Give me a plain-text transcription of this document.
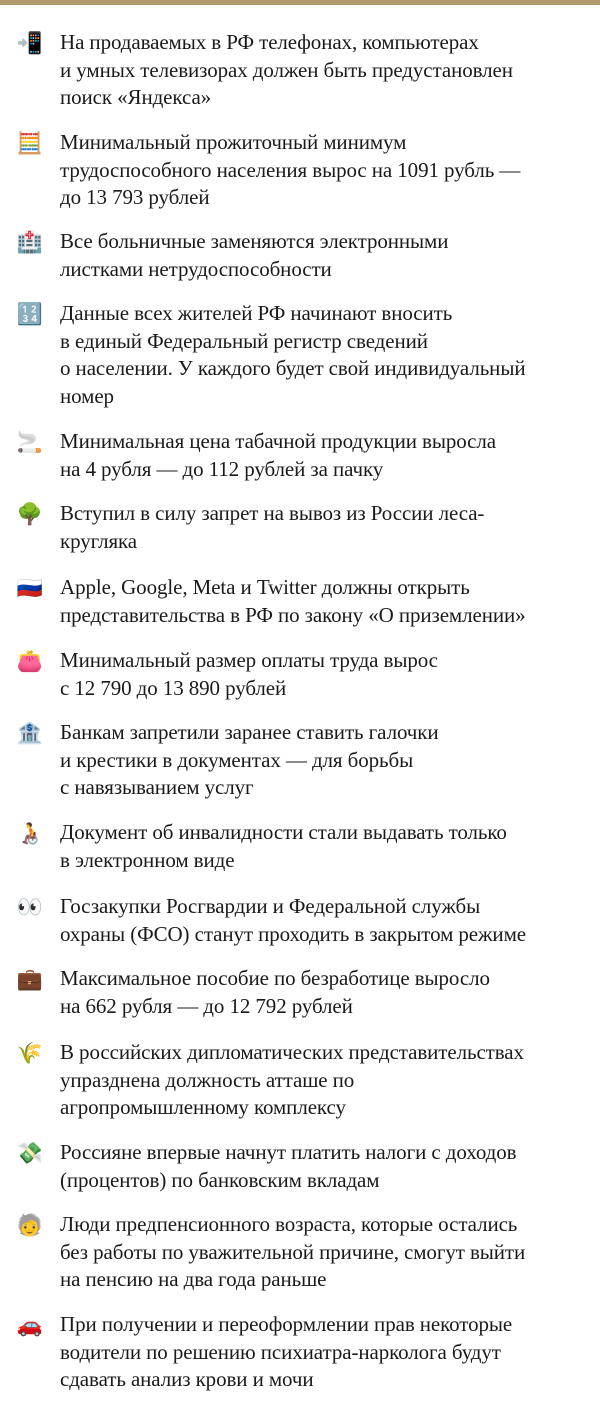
📲 На продаваемых в РФ телефонах, компьютерах
и умных телевизорах должен быть предустановлен
поиск «Яндекса»
🧮 Минимальный прожиточный минимум
трудоспособного населения вырос на 1091 рубль —
до 13 793 рублей
🏥 Все больничные заменяются электронными
листками нетрудоспособности
🔢 Данные всех жителей РФ начинают вносить
в единый Федеральный регистр сведений
о населении. У каждого будет свой индивидуальный
номер
🚬 Минимальная цена табачной продукции выросла
на 4 рубля — до 112 рублей за пачку
🌳 Вступил в силу запрет на вывоз из России леса-
кругляка
🇷🇺 Apple, Google, Meta и Twitter должны открыть
представительства в РФ по закону «О приземлении»
👛 Минимальный размер оплаты труда вырос
с 12 790 до 13 890 рублей
🏦 Банкам запретили заранее ставить галочки
и крестики в документах — для борьбы
с навязыванием услуг
🧑‍🦽 Документ об инвалидности стали выдавать только
в электронном виде
👀 Госзакупки Росгвардии и Федеральной службы
охраны (ФСО) станут проходить в закрытом режиме
💼 Максимальное пособие по безработице выросло
на 662 рубля — до 12 792 рублей
🌾 В российских дипломатических представительствах
упразднена должность атташе по
агропромышленному комплексу
💸 Россияне впервые начнут платить налоги с доходов
(процентов) по банковским вкладам
🧓 Люди предпенсионного возраста, которые остались
без работы по уважительной причине, смогут выйти
на пенсию на два года раньше
🚗 При получении и переоформлении прав некоторые
водители по решению психиатра-нарколога будут
сдавать анализ крови и мочи
